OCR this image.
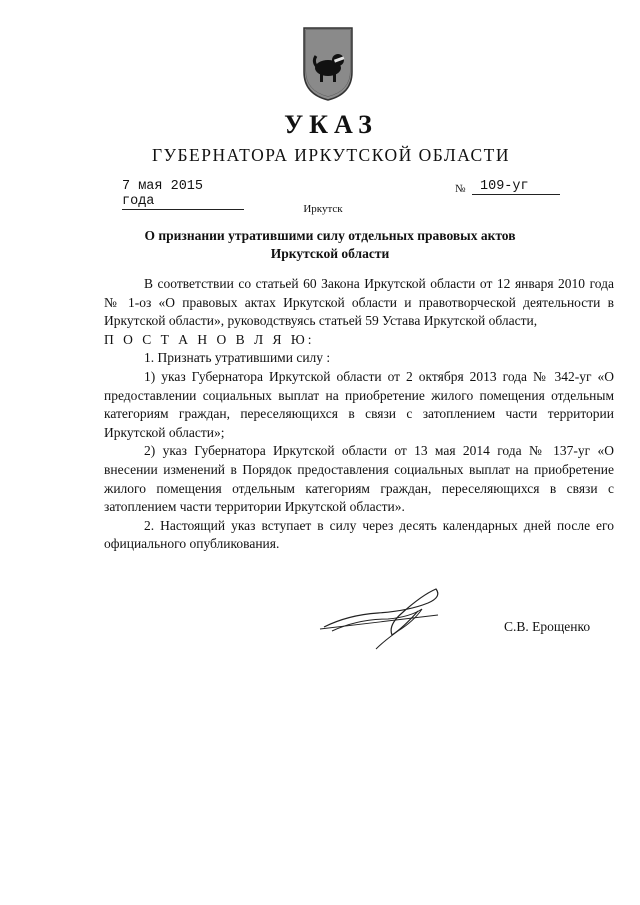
УКАЗ
ГУБЕРНАТОРА ИРКУТСКОЙ ОБЛАСТИ
7 мая 2015 года
№	109-уг
Иркутск
О признании утратившими силу отдельных правовых актов
Иркутской области

В соответствии со статьей 60 Закона Иркутской области от 12 января 2010 года № 1-оз «О правовых актах Иркутской области и правотворческой деятельности в Иркутской области», руководствуясь статьей 59 Устава Иркутской области,

П О С Т А Н О В Л Я Ю:

1. Признать утратившими силу :

1) указ Губернатора Иркутской области от 2 октября 2013 года № 342-уг «О предоставлении социальных выплат на приобретение жилого помещения отдельным категориям граждан, переселяющихся в связи с затоплением части территории Иркутской области»;

2) указ Губернатора Иркутской области от 13 мая 2014 года № 137-уг «О внесении изменений в Порядок предоставления социальных выплат на приобретение жилого помещения отдельным категориям граждан, переселяющихся в связи с затоплением части территории Иркутской области».

2. Настоящий указ вступает в силу через десять календарных дней после его официального опубликования.

С.В. Ерощенко
